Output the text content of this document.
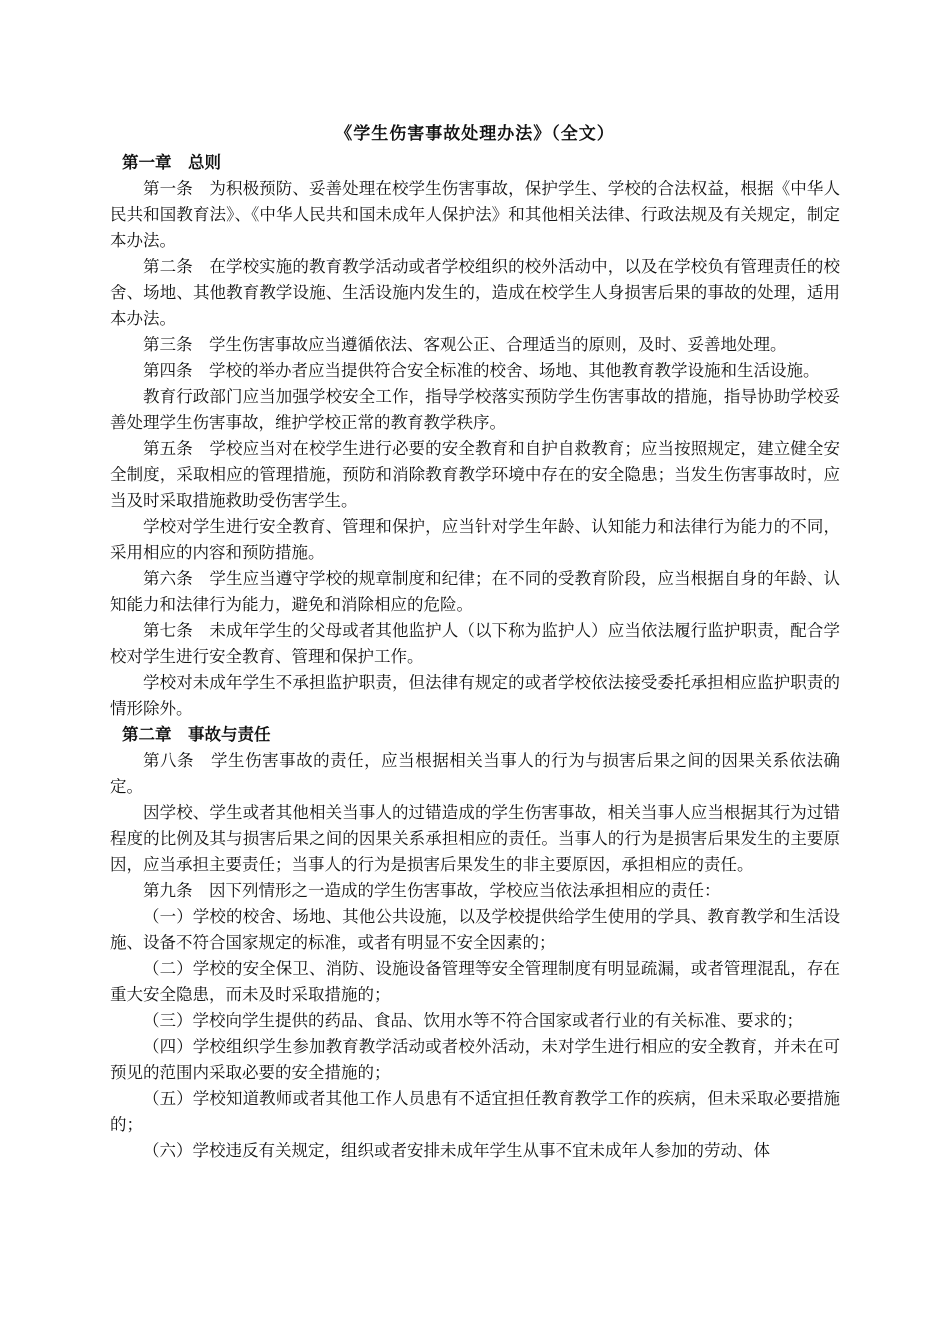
《学生伤害事故处理办法》（全文）
第一章　总则

第一条　为积极预防、妥善处理在校学生伤害事故，保护学生、学校的合法权益，根据《中华人民共和国教育法》、《中华人民共和国未成年人保护法》和其他相关法律、行政法规及有关规定，制定本办法。

第二条　在学校实施的教育教学活动或者学校组织的校外活动中，以及在学校负有管理责任的校舍、场地、其他教育教学设施、生活设施内发生的，造成在校学生人身损害后果的事故的处理，适用本办法。

第三条　学生伤害事故应当遵循依法、客观公正、合理适当的原则，及时、妥善地处理。

第四条　学校的举办者应当提供符合安全标准的校舍、场地、其他教育教学设施和生活设施。

教育行政部门应当加强学校安全工作，指导学校落实预防学生伤害事故的措施，指导协助学校妥善处理学生伤害事故，维护学校正常的教育教学秩序。

第五条　学校应当对在校学生进行必要的安全教育和自护自救教育；应当按照规定，建立健全安全制度，采取相应的管理措施，预防和消除教育教学环境中存在的安全隐患；当发生伤害事故时，应当及时采取措施救助受伤害学生。

学校对学生进行安全教育、管理和保护，应当针对学生年龄、认知能力和法律行为能力的不同，采用相应的内容和预防措施。

第六条　学生应当遵守学校的规章制度和纪律；在不同的受教育阶段，应当根据自身的年龄、认知能力和法律行为能力，避免和消除相应的危险。

第七条　未成年学生的父母或者其他监护人（以下称为监护人）应当依法履行监护职责，配合学校对学生进行安全教育、管理和保护工作。

学校对未成年学生不承担监护职责，但法律有规定的或者学校依法接受委托承担相应监护职责的情形除外。

第二章　事故与责任

第八条　学生伤害事故的责任，应当根据相关当事人的行为与损害后果之间的因果关系依法确定。

因学校、学生或者其他相关当事人的过错造成的学生伤害事故，相关当事人应当根据其行为过错程度的比例及其与损害后果之间的因果关系承担相应的责任。当事人的行为是损害后果发生的主要原因，应当承担主要责任；当事人的行为是损害后果发生的非主要原因，承担相应的责任。

第九条　因下列情形之一造成的学生伤害事故，学校应当依法承担相应的责任：

（一）学校的校舍、场地、其他公共设施，以及学校提供给学生使用的学具、教育教学和生活设施、设备不符合国家规定的标准，或者有明显不安全因素的；

（二）学校的安全保卫、消防、设施设备管理等安全管理制度有明显疏漏，或者管理混乱，存在重大安全隐患，而未及时采取措施的；

（三）学校向学生提供的药品、食品、饮用水等不符合国家或者行业的有关标准、要求的；

（四）学校组织学生参加教育教学活动或者校外活动，未对学生进行相应的安全教育，并未在可预见的范围内采取必要的安全措施的；

（五）学校知道教师或者其他工作人员患有不适宜担任教育教学工作的疾病，但未采取必要措施的；

（六）学校违反有关规定，组织或者安排未成年学生从事不宜未成年人参加的劳动、体
